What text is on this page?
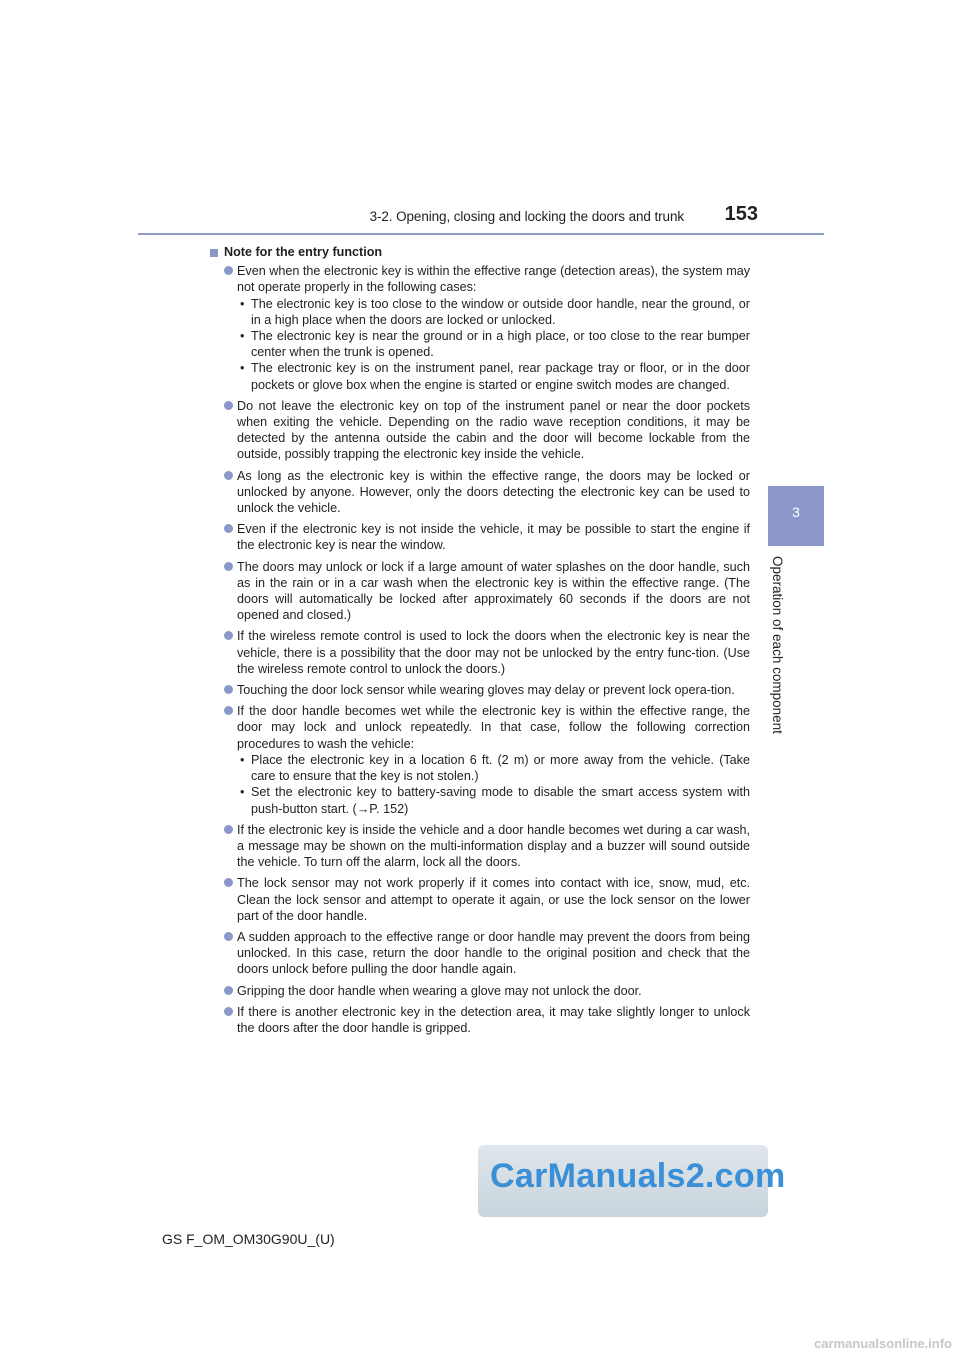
3-2. Opening, closing and locking the doors and trunk 153
3
Operation of each component
Note for the entry function
Even when the electronic key is within the effective range (detection areas), the system may not operate properly in the following cases:
• The electronic key is too close to the window or outside door handle, near the ground, or in a high place when the doors are locked or unlocked.
• The electronic key is near the ground or in a high place, or too close to the rear bumper center when the trunk is opened.
• The electronic key is on the instrument panel, rear package tray or floor, or in the door pockets or glove box when the engine is started or engine switch modes are changed.
Do not leave the electronic key on top of the instrument panel or near the door pockets when exiting the vehicle. Depending on the radio wave reception conditions, it may be detected by the antenna outside the cabin and the door will become lockable from the outside, possibly trapping the electronic key inside the vehicle.
As long as the electronic key is within the effective range, the doors may be locked or unlocked by anyone. However, only the doors detecting the electronic key can be used to unlock the vehicle.
Even if the electronic key is not inside the vehicle, it may be possible to start the engine if the electronic key is near the window.
The doors may unlock or lock if a large amount of water splashes on the door handle, such as in the rain or in a car wash when the electronic key is within the effective range. (The doors will automatically be locked after approximately 60 seconds if the doors are not opened and closed.)
If the wireless remote control is used to lock the doors when the electronic key is near the vehicle, there is a possibility that the door may not be unlocked by the entry func-tion. (Use the wireless remote control to unlock the doors.)
Touching the door lock sensor while wearing gloves may delay or prevent lock opera-tion.
If the door handle becomes wet while the electronic key is within the effective range, the door may lock and unlock repeatedly. In that case, follow the following correction procedures to wash the vehicle:
• Place the electronic key in a location 6 ft. (2 m) or more away from the vehicle. (Take care to ensure that the key is not stolen.)
• Set the electronic key to battery-saving mode to disable the smart access system with push-button start. (→P. 152)
If the electronic key is inside the vehicle and a door handle becomes wet during a car wash, a message may be shown on the multi-information display and a buzzer will sound outside the vehicle. To turn off the alarm, lock all the doors.
The lock sensor may not work properly if it comes into contact with ice, snow, mud, etc. Clean the lock sensor and attempt to operate it again, or use the lock sensor on the lower part of the door handle.
A sudden approach to the effective range or door handle may prevent the doors from being unlocked. In this case, return the door handle to the original position and check that the doors unlock before pulling the door handle again.
Gripping the door handle when wearing a glove may not unlock the door.
If there is another electronic key in the detection area, it may take slightly longer to unlock the doors after the door handle is gripped.
GS F_OM_OM30G90U_(U)
CarManuals2.com
carmanualsonline.info
